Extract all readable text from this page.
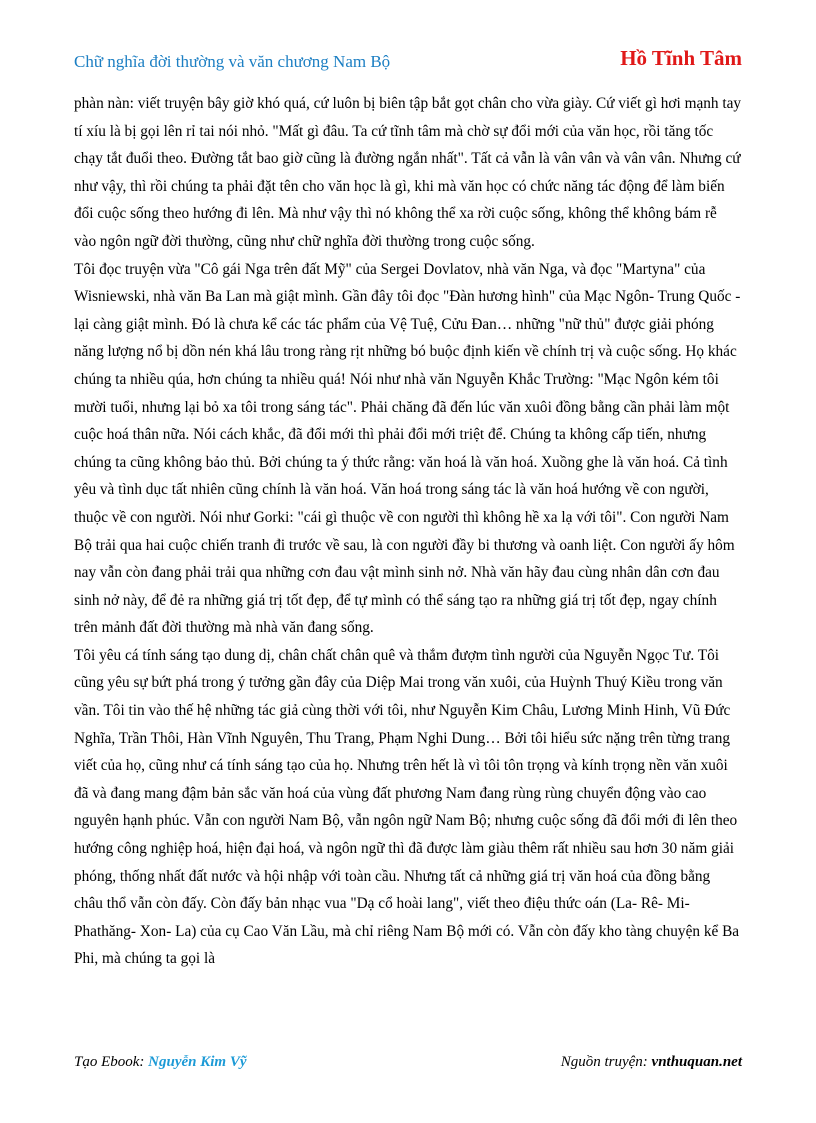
Chữ nghĩa đời thường và văn chương Nam Bộ	Hồ Tĩnh Tâm

phàn nàn: viết truyện bây giờ khó quá, cứ luôn bị biên tập bắt gọt chân cho vừa giày. Cứ viết gì hơi mạnh tay tí xíu là bị gọi lên rỉ tai nói nhỏ. "Mất gì đâu. Ta cứ tĩnh tâm mà chờ sự đổi mới của văn học, rồi tăng tốc chạy tắt đuổi theo. Đường tắt bao giờ cũng là đường ngắn nhất". Tất cả vẫn là vân vân và vân vân. Nhưng cứ như vậy, thì rồi chúng ta phải đặt tên cho văn học là gì, khi mà văn học có chức năng tác động để làm biến đổi cuộc sống theo hướng đi lên. Mà như vậy thì nó không thể xa rời cuộc sống, không thể không bám rễ vào ngôn ngữ đời thường, cũng như chữ nghĩa đời thường trong cuộc sống.

Tôi đọc truyện vừa "Cô gái Nga trên đất Mỹ" của Sergei Dovlatov, nhà văn Nga, và đọc "Martyna" của Wisniewski, nhà văn Ba Lan mà giật mình. Gần đây tôi đọc "Đàn hương hình" của Mạc Ngôn- Trung Quốc - lại càng giật mình. Đó là chưa kể các tác phẩm của Vệ Tuệ, Cửu Đan… những "nữ thủ" được giải phóng năng lượng nổ bị dồn nén khá lâu trong ràng rịt những bó buộc định kiến về chính trị và cuộc sống. Họ khác chúng ta nhiều qúa, hơn chúng ta nhiều quá! Nói như nhà văn Nguyễn Khắc Trường: "Mạc Ngôn kém tôi mười tuổi, nhưng lại bỏ xa tôi trong sáng tác". Phải chăng đã đến lúc văn xuôi đồng bằng cần phải làm một cuộc hoá thân nữa. Nói cách khắc, đã đổi mới thì phải đổi mới triệt để. Chúng ta không cấp tiến, nhưng chúng ta cũng không bảo thủ. Bởi chúng ta ý thức rằng: văn hoá là văn hoá. Xuồng ghe là văn hoá. Cả tình yêu và tình dục tất nhiên cũng chính là văn hoá. Văn hoá trong sáng tác là văn hoá hướng về con người, thuộc về con người. Nói như Gorki: "cái gì thuộc về con người thì không hề xa lạ với tôi". Con người Nam Bộ trải qua hai cuộc chiến tranh đi trước về sau, là con người đầy bi thương và oanh liệt. Con người ấy hôm nay vẫn còn đang phải trải qua những cơn đau vật mình sinh nở. Nhà văn hãy đau cùng nhân dân cơn đau sinh nở này, để đẻ ra những giá trị tốt đẹp, để tự mình có thể sáng tạo ra những giá trị tốt đẹp, ngay chính trên mảnh đất đời thường mà nhà văn đang sống.

Tôi yêu cá tính sáng tạo dung dị, chân chất chân quê và thắm đượm tình người của Nguyễn Ngọc Tư. Tôi cũng yêu sự bứt phá trong ý tưởng gần đây của Diệp Mai trong văn xuôi, của Huỳnh Thuý Kiều trong văn vần. Tôi tin vào thế hệ những tác giả cùng thời với tôi, như Nguyễn Kim Châu, Lương Minh Hinh, Vũ Đức Nghĩa, Trần Thôi, Hàn Vĩnh Nguyên, Thu Trang, Phạm Nghi Dung… Bởi tôi hiểu sức nặng trên từng trang viết của họ, cũng như cá tính sáng tạo của họ. Nhưng trên hết là vì tôi tôn trọng và kính trọng nền văn xuôi đã và đang mang đậm bản sắc văn hoá của vùng đất phương Nam đang rùng rùng chuyển động vào cao nguyên hạnh phúc. Vẫn con người Nam Bộ, vẫn ngôn ngữ Nam Bộ; nhưng cuộc sống đã đổi mới đi lên theo hướng công nghiệp hoá, hiện đại hoá, và ngôn ngữ thì đã được làm giàu thêm rất nhiều sau hơn 30 năm giải phóng, thống nhất đất nước và hội nhập với toàn cầu. Nhưng tất cả những giá trị văn hoá của đồng bằng châu thổ vẫn còn đấy. Còn đấy bản nhạc vua "Dạ cổ hoài lang", viết theo điệu thức oán (La- Rê- Mi- Phathăng- Xon- La) của cụ Cao Văn Lầu, mà chỉ riêng Nam Bộ mới có. Vẫn còn đấy kho tàng chuyện kể Ba Phi, mà chúng ta gọi là

Tạo Ebook: Nguyễn Kim Vỹ	Nguồn truyện: vnthuquan.net
